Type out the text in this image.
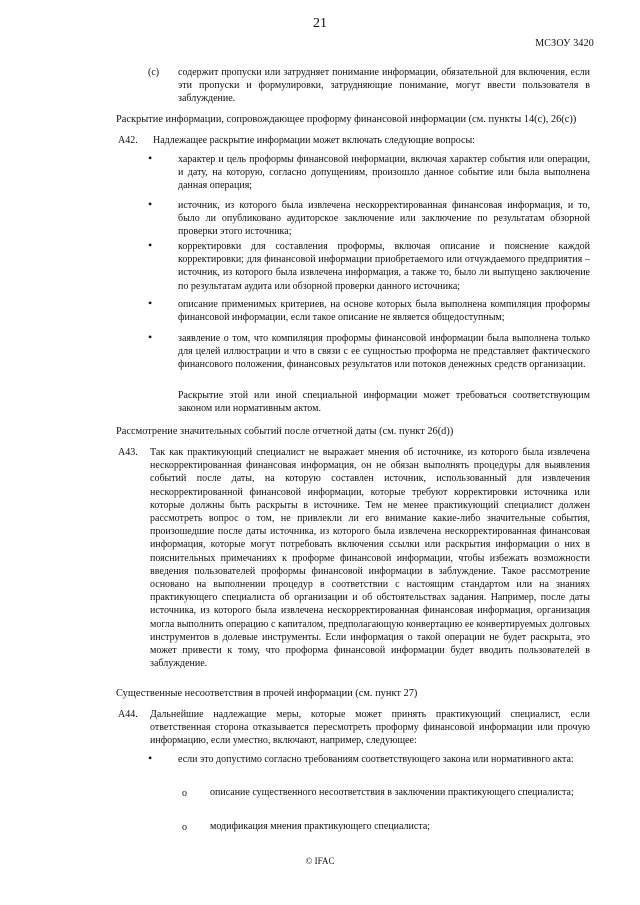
21
МСЗОУ 3420
(c) содержит пропуски или затрудняет понимание информации, обязательной для включения, если эти пропуски и формулировки, затрудняющие понимание, могут ввести пользователя в заблуждение.
Раскрытие информации, сопровождающее проформу финансовой информации (см. пункты 14(c), 26(c))
A42. Надлежащее раскрытие информации может включать следующие вопросы:
•	характер и цель проформы финансовой информации, включая характер события или операции, и дату, на которую, согласно допущениям, произошло данное событие или была выполнена данная операция;
•	источник, из которого была извлечена нескорректированная финансовая информация, и то, было ли опубликовано аудиторское заключение или заключение по результатам обзорной проверки этого источника;
•	корректировки для составления проформы, включая описание и пояснение каждой корректировки; для финансовой информации приобретаемого или отчуждаемого предприятия – источник, из которого была извлечена информация, а также то, было ли выпущено заключение по результатам аудита или обзорной проверки данного источника;
•	описание применимых критериев, на основе которых была выполнена компиляция проформы финансовой информации, если такое описание не является общедоступным;
•	заявление о том, что компиляция проформы финансовой информации была выполнена только для целей иллюстрации и что в связи с ее сущностью проформа не представляет фактического финансового положения, финансовых результатов или потоков денежных средств организации.
Раскрытие этой или иной специальной информации может требоваться соответствующим законом или нормативным актом.
Рассмотрение значительных событий после отчетной даты (см. пункт 26(d))
A43. Так как практикующий специалист не выражает мнения об источнике, из которого была извлечена нескорректированная финансовая информация, он не обязан выполнять процедуры для выявления событий после даты, на которую составлен источник, использованный для извлечения нескорректированной финансовой информации, которые требуют корректировки источника или которые должны быть раскрыты в источнике. Тем не менее практикующий специалист должен рассмотреть вопрос о том, не привлекли ли его внимание какие-либо значительные события, произошедшие после даты источника, из которого была извлечена нескорректированная финансовая информация, которые могут потребовать включения ссылки или раскрытия информации о них в пояснительных примечаниях к проформе финансовой информации, чтобы избежать возможности введения пользователей проформы финансовой информации в заблуждение. Такое рассмотрение основано на выполнении процедур в соответствии с настоящим стандартом или на знаниях практикующего специалиста об организации и об обстоятельствах задания. Например, после даты источника, из которого была извлечена нескорректированная финансовая информация, организация могла выполнить операцию с капиталом, предполагающую конвертацию ее конвертируемых долговых инструментов в долевые инструменты. Если информация о такой операции не будет раскрыта, это может привести к тому, что проформа финансовой информации будет вводить пользователей в заблуждение.
Существенные несоответствия в прочей информации (см. пункт 27)
A44. Дальнейшие надлежащие меры, которые может принять практикующий специалист, если ответственная сторона отказывается пересмотреть проформу финансовой информации или прочую информацию, если уместно, включают, например, следующее:
•	если это допустимо согласно требованиям соответствующего закона или нормативного акта:
o описание существенного несоответствия в заключении практикующего специалиста;
o модификация мнения практикующего специалиста;
© IFAC
